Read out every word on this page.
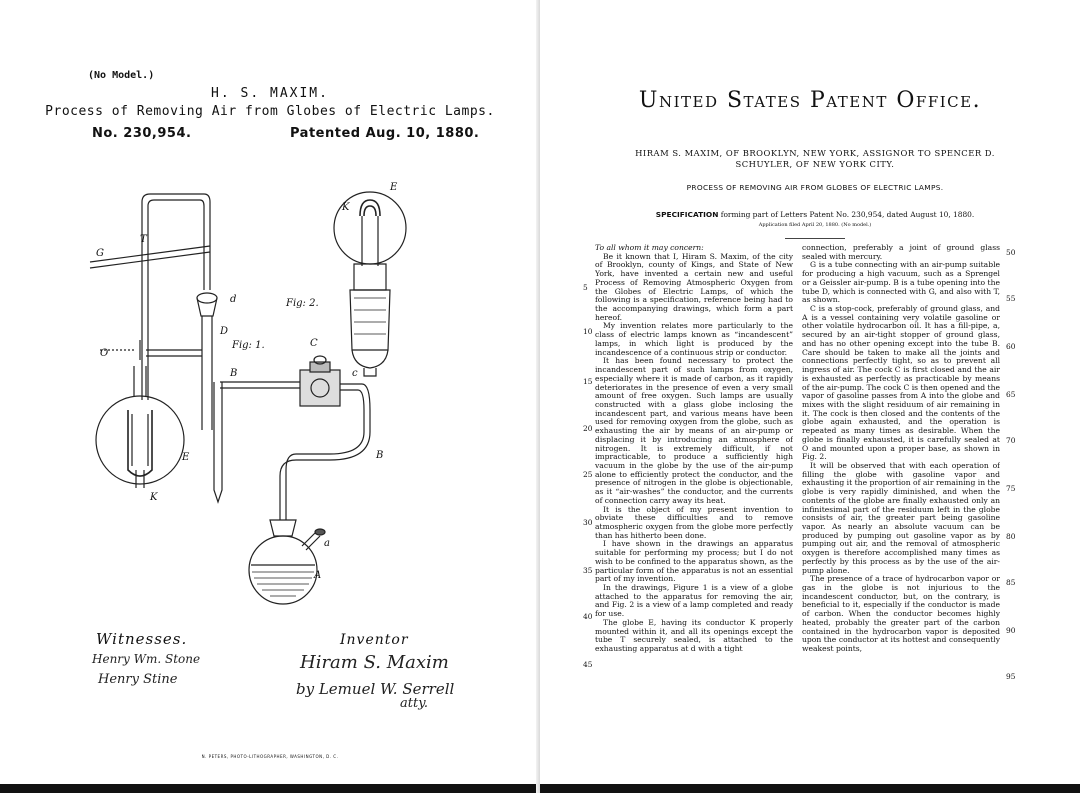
(No Model.)
H. S. MAXIM.
Process of Removing Air from Globes of Electric Lamps.
No. 230,954.	Patented Aug. 10, 1880.
G
T
d	Fig: 2.
K
E
O
D
Fig: 1.
B	c
C
E	B
K
a
A
Witnesses.
Henry Wm. Stone
Henry Stine
Inventor
Hiram S. Maxim
by Lemuel W. Serrell
atty.
N. PETERS, PHOTO-LITHOGRAPHER, WASHINGTON, D. C.
United States Patent Office.
HIRAM S. MAXIM, OF BROOKLYN, NEW YORK, ASSIGNOR TO SPENCER D.
SCHUYLER, OF NEW YORK CITY.
PROCESS OF REMOVING AIR FROM GLOBES OF ELECTRIC LAMPS.
SPECIFICATION forming part of Letters Patent No. 230,954, dated August 10, 1880.
Application filed April 20, 1880. (No model.)

To all whom it may concern:

Be it known that I, Hiram S. Maxim, of the city of Brooklyn, county of Kings, and State of New York, have invented a certain new and useful Process of Removing Atmospheric Oxygen from the Globes of Electric Lamps, of which the following is a specification, reference being had to the accompanying drawings, which form a part hereof.

My invention relates more particularly to the class of electric lamps known as “incandescent” lamps, in which light is produced by the incandescence of a continuous strip or conductor.

It has been found necessary to protect the incandescent part of such lamps from oxygen, especially where it is made of carbon, as it rapidly deteriorates in the presence of even a very small amount of free oxygen. Such lamps are usually constructed with a glass globe inclosing the incandescent part, and various means have been used for removing oxygen from the globe, such as exhausting the air by means of an air-pump or displacing it by introducing an atmosphere of nitrogen. It is extremely difficult, if not impracticable, to produce a sufficiently high vacuum in the globe by the use of the air-pump alone to efficiently protect the conductor, and the presence of nitrogen in the globe is objectionable, as it “air-washes” the conductor, and the currents of connection carry away its heat.

It is the object of my present invention to obviate these difficulties and to remove atmospheric oxygen from the globe more perfectly than has hitherto been done.

I have shown in the drawings an apparatus suitable for performing my process; but I do not wish to be confined to the apparatus shown, as the particular form of the apparatus is not an essential part of my invention.

In the drawings, Figure 1 is a view of a globe attached to the apparatus for removing the air, and Fig. 2 is a view of a lamp completed and ready for use.

The globe E, having its conductor K properly mounted within it, and all its openings except the tube T securely sealed, is attached to the exhausting apparatus at d with a tight

connection, preferably a joint of ground glass sealed with mercury.

G is a tube connecting with an air-pump suitable for producing a high vacuum, such as a Sprengel or a Geissler air-pump. B is a tube opening into the tube D, which is connected with G, and also with T, as shown.

C is a stop-cock, preferably of ground glass, and A is a vessel containing very volatile gasoline or other volatile hydrocarbon oil. It has a fill-pipe, a, secured by an air-tight stopper of ground glass, and has no other opening except into the tube B. Care should be taken to make all the joints and connections perfectly tight, so as to prevent all ingress of air. The cock C is first closed and the air is exhausted as perfectly as practicable by means of the air-pump. The cock C is then opened and the vapor of gasoline passes from A into the globe and mixes with the slight residuum of air remaining in it. The cock is then closed and the contents of the globe again exhausted, and the operation is repeated as many times as desirable. When the globe is finally exhausted, it is carefully sealed at O and mounted upon a proper base, as shown in Fig. 2.

It will be observed that with each operation of filling the globe with gasoline vapor and exhausting it the proportion of air remaining in the globe is very rapidly diminished, and when the contents of the globe are finally exhausted only an infinitesimal part of the residuum left in the globe consists of air, the greater part being gasoline vapor. As nearly an absolute vacuum can be produced by pumping out gasoline vapor as by pumping out air, and the removal of atmospheric oxygen is therefore accomplished many times as perfectly by this process as by the use of the air-pump alone.

The presence of a trace of hydrocarbon vapor or gas in the globe is not injurious to the incandescent conductor, but, on the contrary, is beneficial to it, especially if the conductor is made of carbon. When the conductor becomes highly heated, probably the greater part of the carbon contained in the hydrocarbon vapor is deposited upon the conductor at its hottest and consequently weakest points,

5
10
15
20
25
30
35
40
45
50
55
60
65
70
75
80
85
90
95
